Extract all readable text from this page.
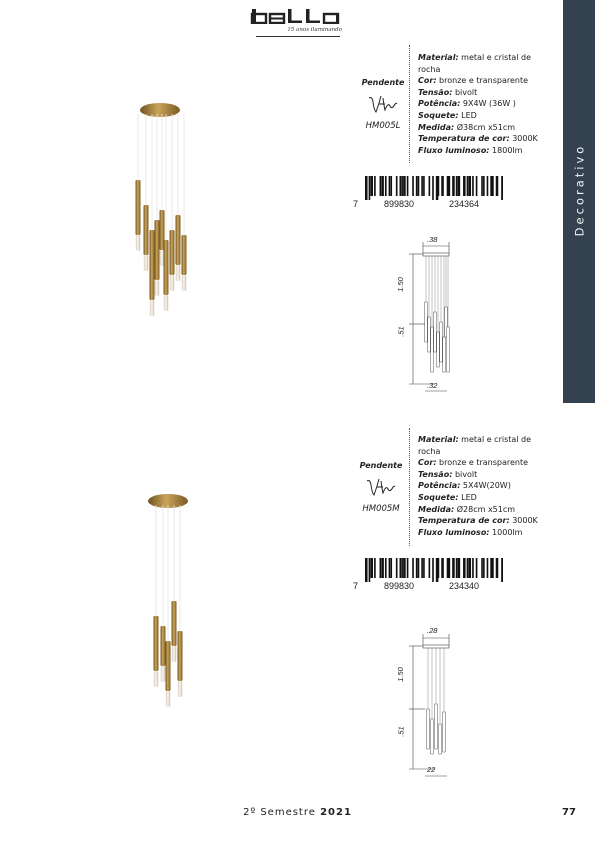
15 anos iluminando
Decorativo
Pendente
HM005L
Material: metal e cristal de rocha
Cor: bronze e transparente
Tensão: bivolt
Potência: 9X4W (36W )
Soquete: LED
Medida: Ø38cm x51cm
Temperatura de cor: 3000K
Fluxo luminoso: 1800lm
7	899830	234364
.38
1.50
.51
.32
Pendente
HM005M
Material: metal e cristal de rocha
Cor: bronze e transparente
Tensão: bivolt
Potência: 5X4W(20W)
Soquete: LED
Medida: Ø28cm x51cm
Temperatura de cor: 3000K
Fluxo luminoso: 1000lm
7	899830	234340
.28
1.50
.51
22
2º Semestre 2021	77
